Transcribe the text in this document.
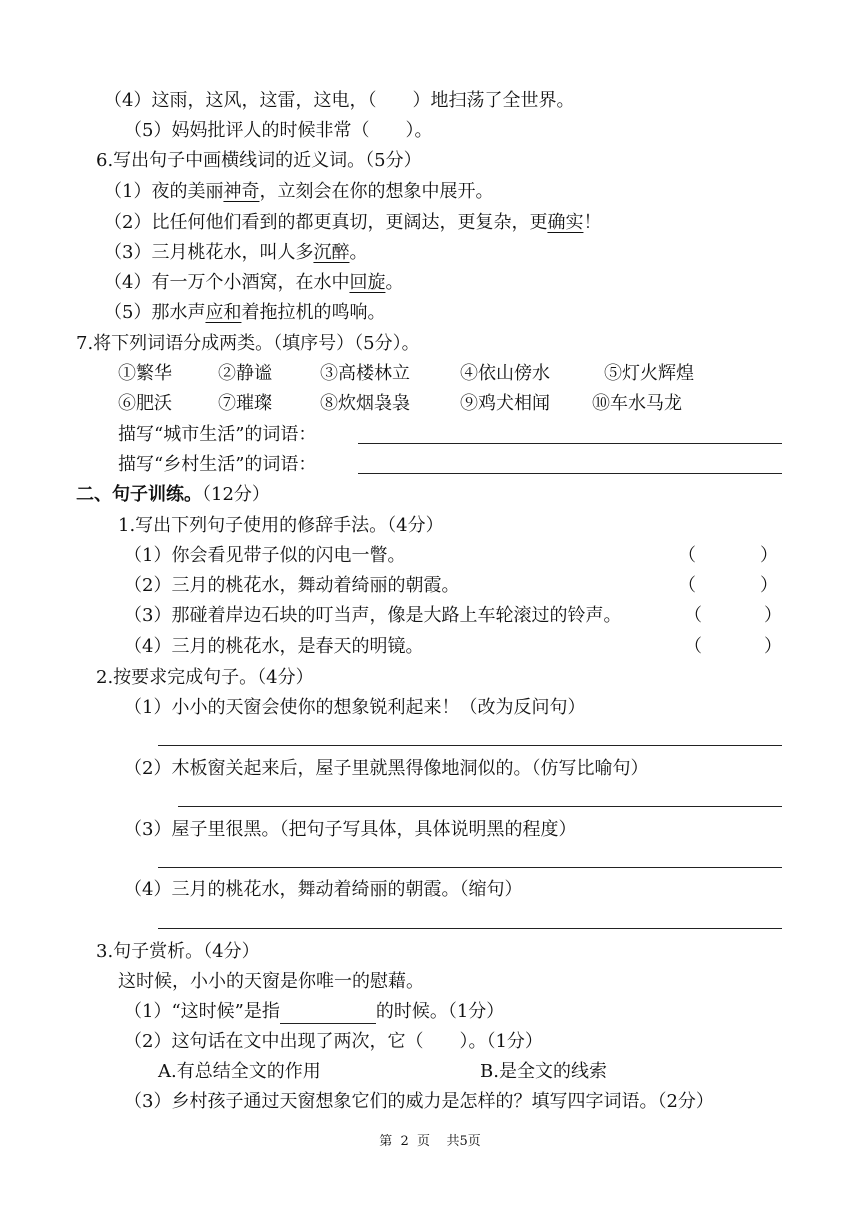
（4）这雨，这风，这雷，这电，（　　）地扫荡了全世界。
（5）妈妈批评人的时候非常（　　）。
6.写出句子中画横线词的近义词。（5分）
（1）夜的美丽神奇，立刻会在你的想象中展开。
（2）比任何他们看到的都更真切，更阔达，更复杂，更确实！
（3）三月桃花水，叫人多沉醉。
（4）有一万个小酒窝，在水中回旋。
（5）那水声应和着拖拉机的鸣响。
7.将下列词语分成两类。（填序号）（5分）。
①繁华	②静谧	③高楼林立	④依山傍水	⑤灯火辉煌
⑥肥沃	⑦璀璨	⑧炊烟袅袅	⑨鸡犬相闻 ⑩车水马龙
描写“城市生活”的词语：
描写“乡村生活”的词语：
二、句子训练。（12分）
1.写出下列句子使用的修辞手法。（4分）
（1）你会看见带子似的闪电一瞥。	（	）
（2）三月的桃花水，舞动着绮丽的朝霞。	（	）
（3）那碰着岸边石块的叮当声，像是大路上车轮滚过的铃声。	（	）
（4）三月的桃花水，是春天的明镜。	（	）
2.按要求完成句子。（4分）
（1）小小的天窗会使你的想象锐利起来！（改为反问句）
（2）木板窗关起来后，屋子里就黑得像地洞似的。（仿写比喻句）
（3）屋子里很黑。（把句子写具体，具体说明黑的程度）
（4）三月的桃花水，舞动着绮丽的朝霞。（缩句）
3.句子赏析。（4分）
这时候，小小的天窗是你唯一的慰藉。
（1）“这时候”是指	的时候。（1分）
（2）这句话在文中出现了两次，它（　　）。（1分）
A.有总结全文的作用	B.是全文的线索
（3）乡村孩子通过天窗想象它们的威力是怎样的？填写四字词语。（2分）
第  2  页    共5页
